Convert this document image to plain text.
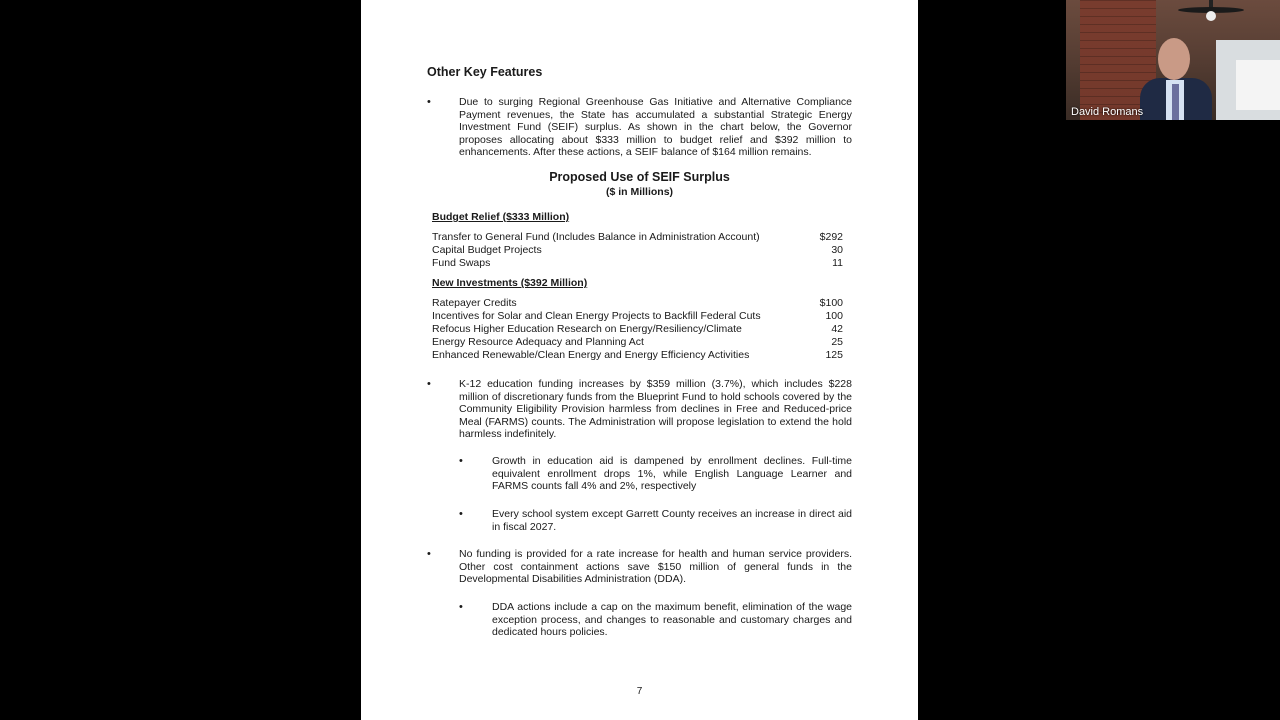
Other Key Features
•	Due to surging Regional Greenhouse Gas Initiative and Alternative Compliance Payment revenues, the State has accumulated a substantial Strategic Energy Investment Fund (SEIF) surplus. As shown in the chart below, the Governor proposes allocating about $333 million to budget relief and $392 million to enhancements. After these actions, a SEIF balance of $164 million remains.
Proposed Use of SEIF Surplus
($ in Millions)
Budget Relief ($333 Million)
Transfer to General Fund (Includes Balance in Administration Account)	$292
Capital Budget Projects	30
Fund Swaps	11
New Investments ($392 Million)
Ratepayer Credits	$100
Incentives for Solar and Clean Energy Projects to Backfill Federal Cuts	100
Refocus Higher Education Research on Energy/Resiliency/Climate	42
Energy Resource Adequacy and Planning Act	25
Enhanced Renewable/Clean Energy and Energy Efficiency Activities	125
•	K-12 education funding increases by $359 million (3.7%), which includes $228 million of discretionary funds from the Blueprint Fund to hold schools covered by the Community Eligibility Provision harmless from declines in Free and Reduced-price Meal (FARMS) counts. The Administration will propose legislation to extend the hold harmless indefinitely.
•	Growth in education aid is dampened by enrollment declines. Full-time equivalent enrollment drops 1%, while English Language Learner and FARMS counts fall 4% and 2%, respectively
•	Every school system except Garrett County receives an increase in direct aid in fiscal 2027.
•	No funding is provided for a rate increase for health and human service providers. Other cost containment actions save $150 million of general funds in the Developmental Disabilities Administration (DDA).
•	DDA actions include a cap on the maximum benefit, elimination of the wage exception process, and changes to reasonable and customary charges and dedicated hours policies.
7
David Romans
